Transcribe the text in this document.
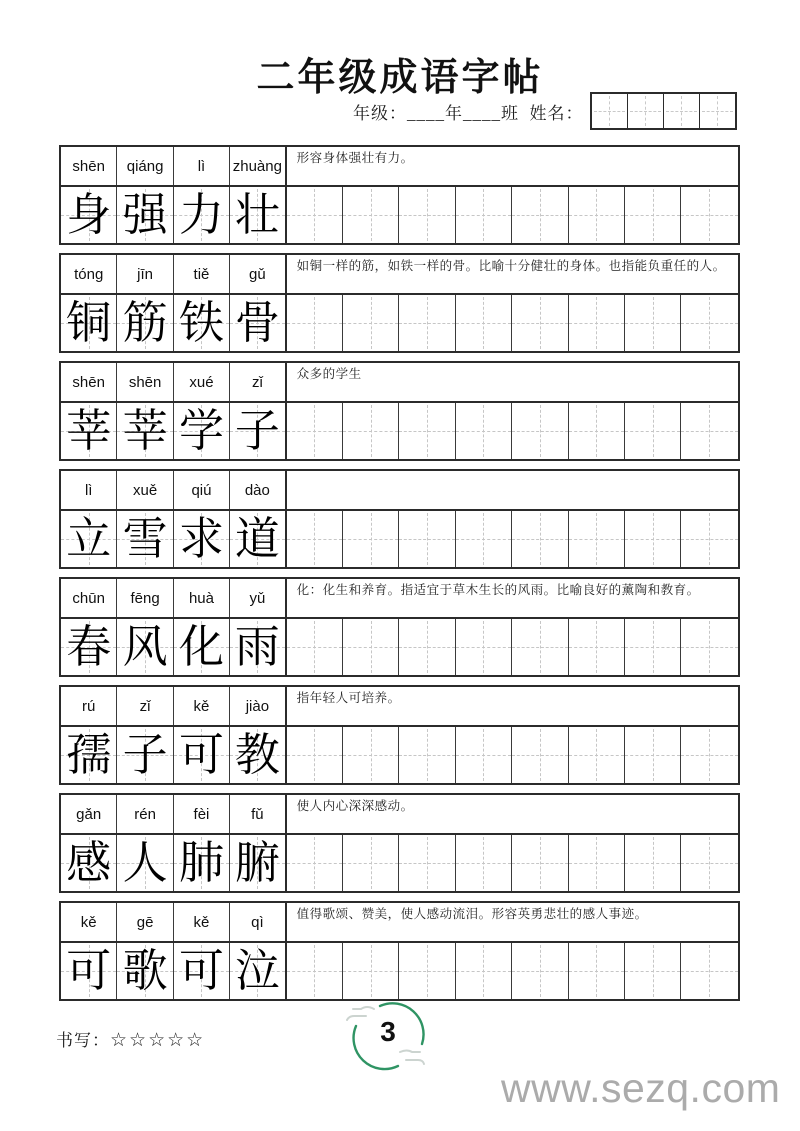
二年级成语字帖
年级：____年____班  姓名：
shēn	qiáng	lì	zhuàng	形容身体强壮有力。
身 强 力 壮
tóng	jīn	tiě	gǔ	如铜一样的筋，如铁一样的骨。比喻十分健壮的身体。也指能负重任的人。
铜 筋 铁 骨
shēn	shēn	xué	zǐ	众多的学生
莘 莘 学 子
lì	xuě	qiú	dào
立 雪 求 道
chūn	fēng	huà	yǔ	化：化生和养育。指适宜于草木生长的风雨。比喻良好的薰陶和教育。
春 风 化 雨
rú	zǐ	kě	jiào	指年轻人可培养。
孺 子 可 教
gǎn	rén	fèi	fǔ	使人内心深深感动。
感 人 肺 腑
kě	gē	kě	qì	值得歌颂、赞美，使人感动流泪。形容英勇悲壮的感人事迹。
可 歌 可 泣
书写：☆☆☆☆☆	3
www.sezq.com
